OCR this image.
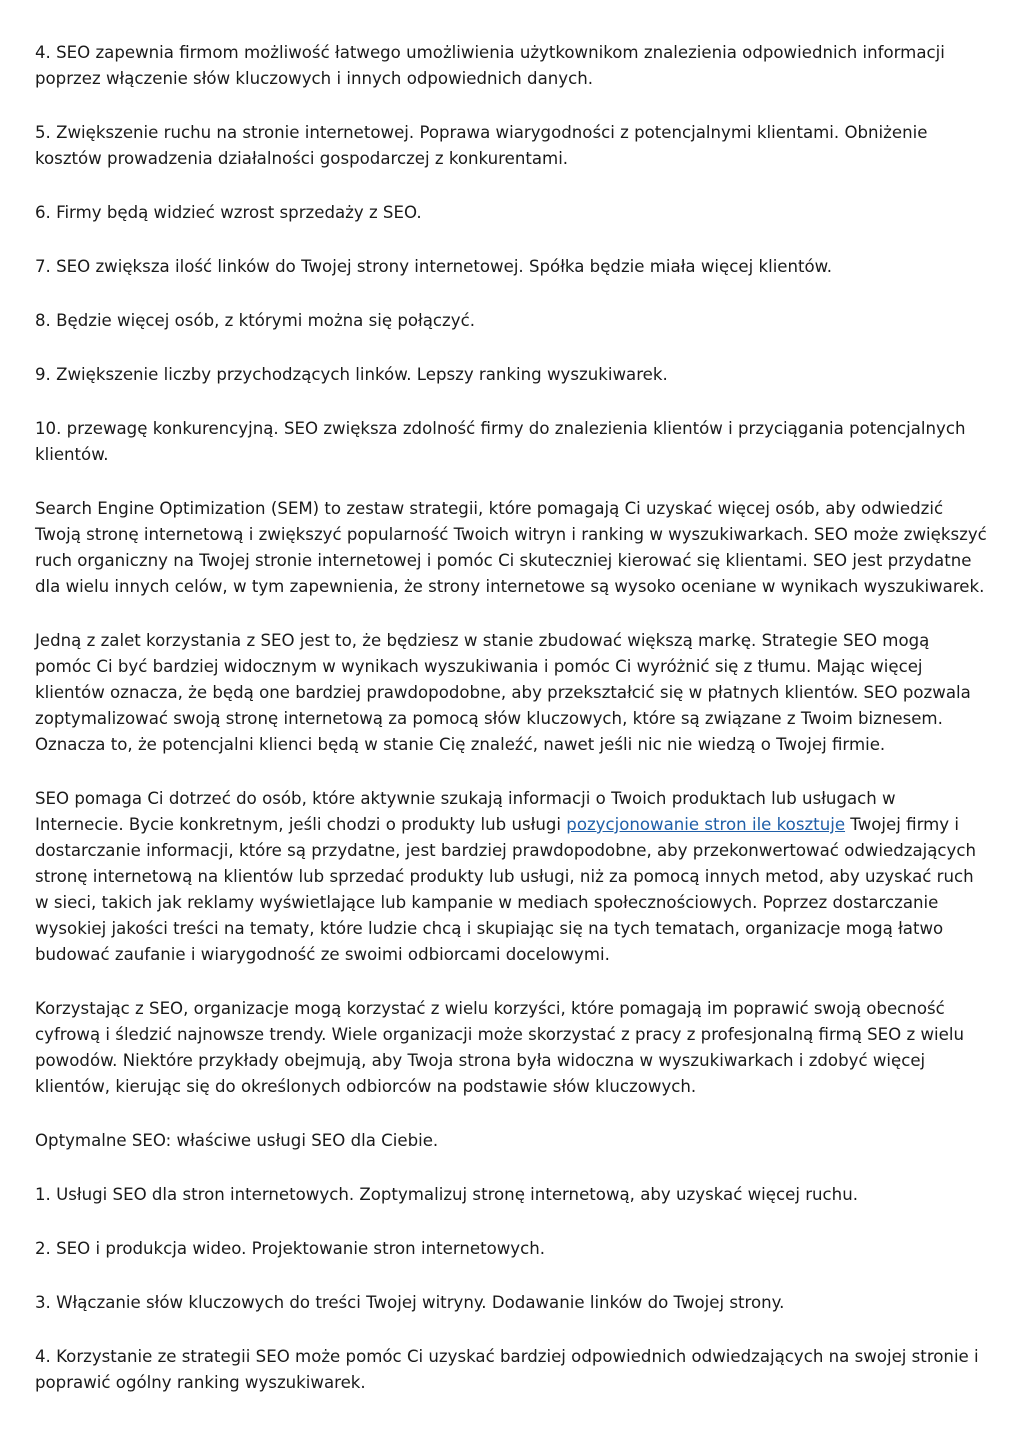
4. SEO zapewnia firmom możliwość łatwego umożliwienia użytkownikom znalezienia odpowiednich informacji poprzez włączenie słów kluczowych i innych odpowiednich danych.

5. Zwiększenie ruchu na stronie internetowej. Poprawa wiarygodności z potencjalnymi klientami. Obniżenie kosztów prowadzenia działalności gospodarczej z konkurentami.

6. Firmy będą widzieć wzrost sprzedaży z SEO.

7. SEO zwiększa ilość linków do Twojej strony internetowej. Spółka będzie miała więcej klientów.

8. Będzie więcej osób, z którymi można się połączyć.

9. Zwiększenie liczby przychodzących linków. Lepszy ranking wyszukiwarek.

10. przewagę konkurencyjną. SEO zwiększa zdolność firmy do znalezienia klientów i przyciągania potencjalnych klientów.

Search Engine Optimization (SEM) to zestaw strategii, które pomagają Ci uzyskać więcej osób, aby odwiedzić Twoją stronę internetową i zwiększyć popularność Twoich witryn i ranking w wyszukiwarkach. SEO może zwiększyć ruch organiczny na Twojej stronie internetowej i pomóc Ci skuteczniej kierować się klientami. SEO jest przydatne dla wielu innych celów, w tym zapewnienia, że strony internetowe są wysoko oceniane w wynikach wyszukiwarek.

Jedną z zalet korzystania z SEO jest to, że będziesz w stanie zbudować większą markę. Strategie SEO mogą pomóc Ci być bardziej widocznym w wynikach wyszukiwania i pomóc Ci wyróżnić się z tłumu. Mając więcej klientów oznacza, że będą one bardziej prawdopodobne, aby przekształcić się w płatnych klientów. SEO pozwala zoptymalizować swoją stronę internetową za pomocą słów kluczowych, które są związane z Twoim biznesem. Oznacza to, że potencjalni klienci będą w stanie Cię znaleźć, nawet jeśli nic nie wiedzą o Twojej firmie.

SEO pomaga Ci dotrzeć do osób, które aktywnie szukają informacji o Twoich produktach lub usługach w Internecie. Bycie konkretnym, jeśli chodzi o produkty lub usługi pozycjonowanie stron ile kosztuje Twojej firmy i dostarczanie informacji, które są przydatne, jest bardziej prawdopodobne, aby przekonwertować odwiedzających stronę internetową na klientów lub sprzedać produkty lub usługi, niż za pomocą innych metod, aby uzyskać ruch w sieci, takich jak reklamy wyświetlające lub kampanie w mediach społecznościowych. Poprzez dostarczanie wysokiej jakości treści na tematy, które ludzie chcą i skupiając się na tych tematach, organizacje mogą łatwo budować zaufanie i wiarygodność ze swoimi odbiorcami docelowymi.

Korzystając z SEO, organizacje mogą korzystać z wielu korzyści, które pomagają im poprawić swoją obecność cyfrową i śledzić najnowsze trendy. Wiele organizacji może skorzystać z pracy z profesjonalną firmą SEO z wielu powodów. Niektóre przykłady obejmują, aby Twoja strona była widoczna w wyszukiwarkach i zdobyć więcej klientów, kierując się do określonych odbiorców na podstawie słów kluczowych.

Optymalne SEO: właściwe usługi SEO dla Ciebie.

1. Usługi SEO dla stron internetowych. Zoptymalizuj stronę internetową, aby uzyskać więcej ruchu.

2. SEO i produkcja wideo. Projektowanie stron internetowych.

3. Włączanie słów kluczowych do treści Twojej witryny. Dodawanie linków do Twojej strony.

4. Korzystanie ze strategii SEO może pomóc Ci uzyskać bardziej odpowiednich odwiedzających na swojej stronie i poprawić ogólny ranking wyszukiwarek.
